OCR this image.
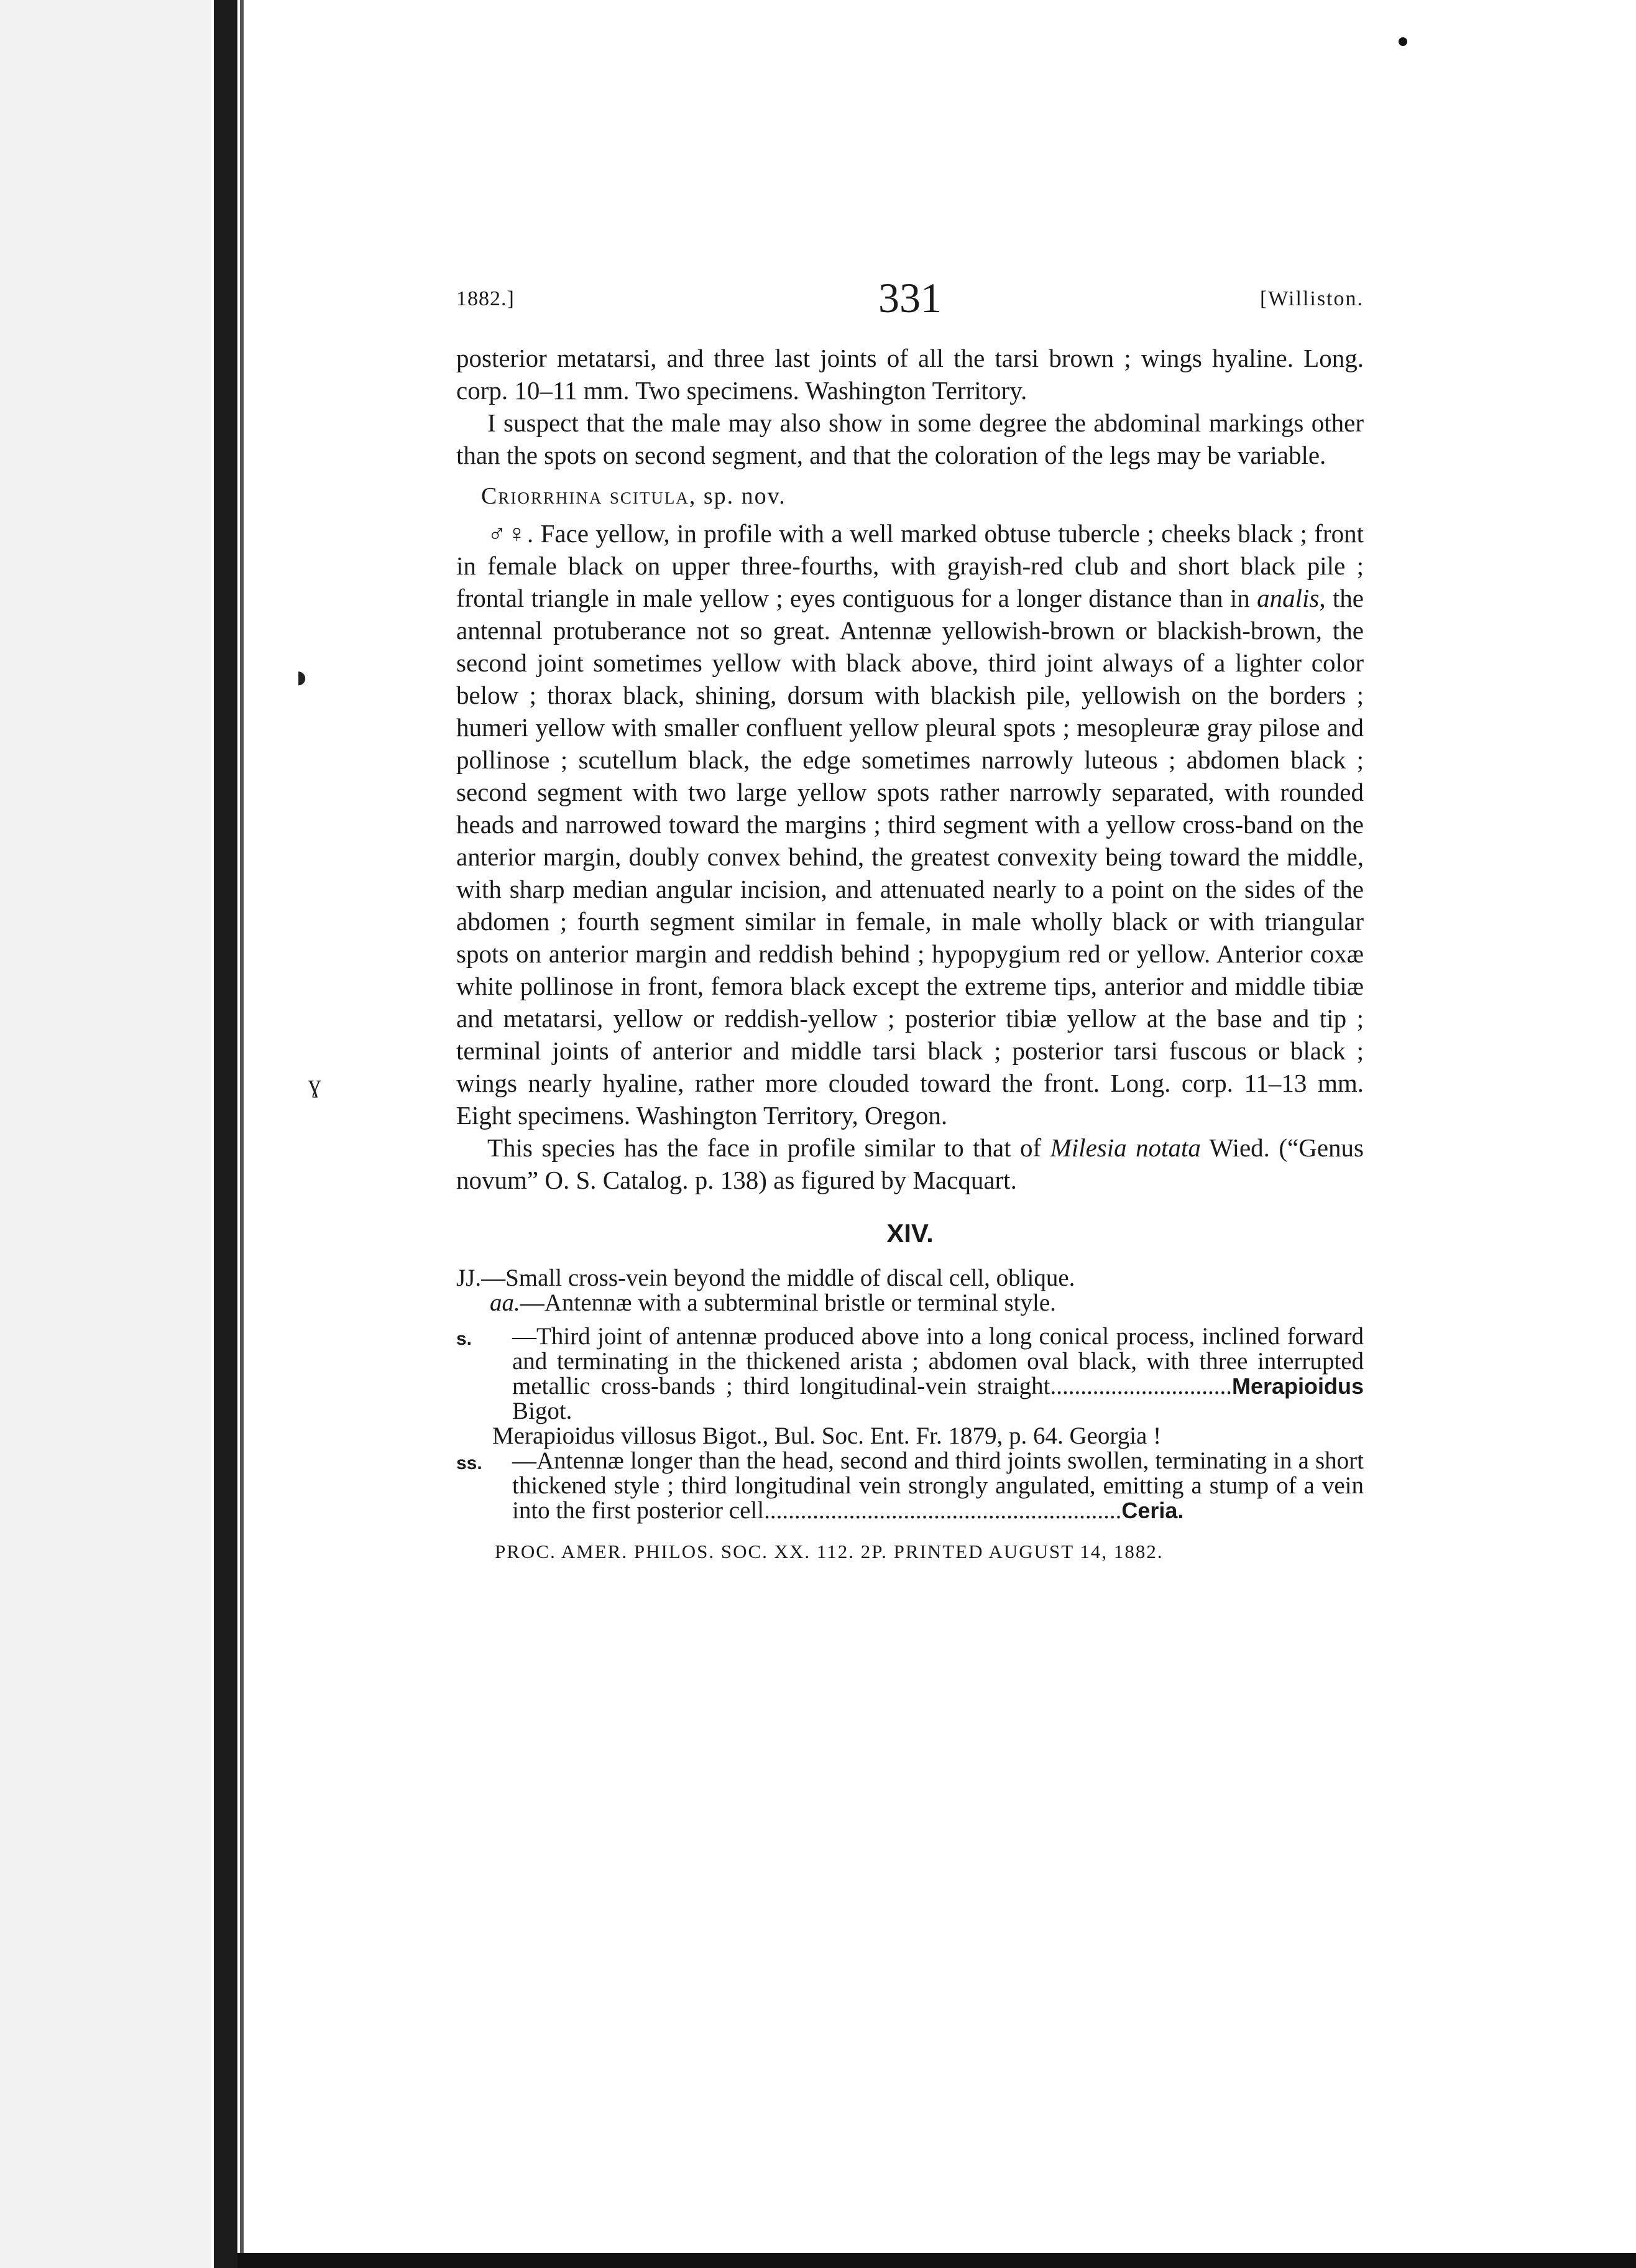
◗
ɣ
1882.]	331	[Williston.

posterior metatarsi, and three last joints of all the tarsi brown ; wings hyaline. Long. corp. 10–11 mm. Two specimens. Washington Territory.

I suspect that the male may also show in some degree the abdominal markings other than the spots on second segment, and that the coloration of the legs may be variable.

Criorrhina scitula, sp. nov.

♂♀. Face yellow, in profile with a well marked obtuse tubercle ; cheeks black ; front in female black on upper three-fourths, with grayish-red club and short black pile ; frontal triangle in male yellow ; eyes contiguous for a longer distance than in analis, the antennal protuberance not so great. Antennæ yellowish-brown or blackish-brown, the second joint sometimes yellow with black above, third joint always of a lighter color below ; thorax black, shining, dorsum with blackish pile, yellowish on the borders ; humeri yellow with smaller confluent yellow pleural spots ; mesopleuræ gray pilose and pollinose ; scutellum black, the edge sometimes narrowly luteous ; abdomen black ; second segment with two large yellow spots rather narrowly separated, with rounded heads and narrowed toward the margins ; third segment with a yellow cross-band on the anterior margin, doubly convex behind, the greatest convexity being toward the middle, with sharp median angular incision, and attenuated nearly to a point on the sides of the abdomen ; fourth segment similar in female, in male wholly black or with triangular spots on anterior margin and reddish behind ; hypopygium red or yellow. Anterior coxæ white pollinose in front, femora black except the extreme tips, anterior and middle tibiæ and metatarsi, yellow or reddish-yellow ; posterior tibiæ yellow at the base and tip ; terminal joints of anterior and middle tarsi black ; posterior tarsi fuscous or black ; wings nearly hyaline, rather more clouded toward the front. Long. corp. 11–13 mm. Eight specimens. Washington Territory, Oregon.

This species has the face in profile similar to that of Milesia notata Wied. (“Genus novum” O. S. Catalog. p. 138) as figured by Macquart.

XIV.

JJ.—Small cross-vein beyond the middle of discal cell, oblique.

aa.—Antennæ with a subterminal bristle or terminal style.

s.	—Third joint of antennæ produced above into a long conical process, inclined forward and terminating in the thickened arista ; abdomen oval black, with three interrupted metallic cross-bands ; third longitudinal-vein straight..............................Merapioidus Bigot.

Merapioidus villosus Bigot., Bul. Soc. Ent. Fr. 1879, p. 64. Georgia !

ss.	—Antennæ longer than the head, second and third joints swollen, terminating in a short thickened style ; third longitudinal vein strongly angulated, emitting a stump of a vein into the first posterior cell...........................................................Ceria.
PROC. AMER. PHILOS. SOC. XX. 112. 2P. PRINTED AUGUST 14, 1882.
